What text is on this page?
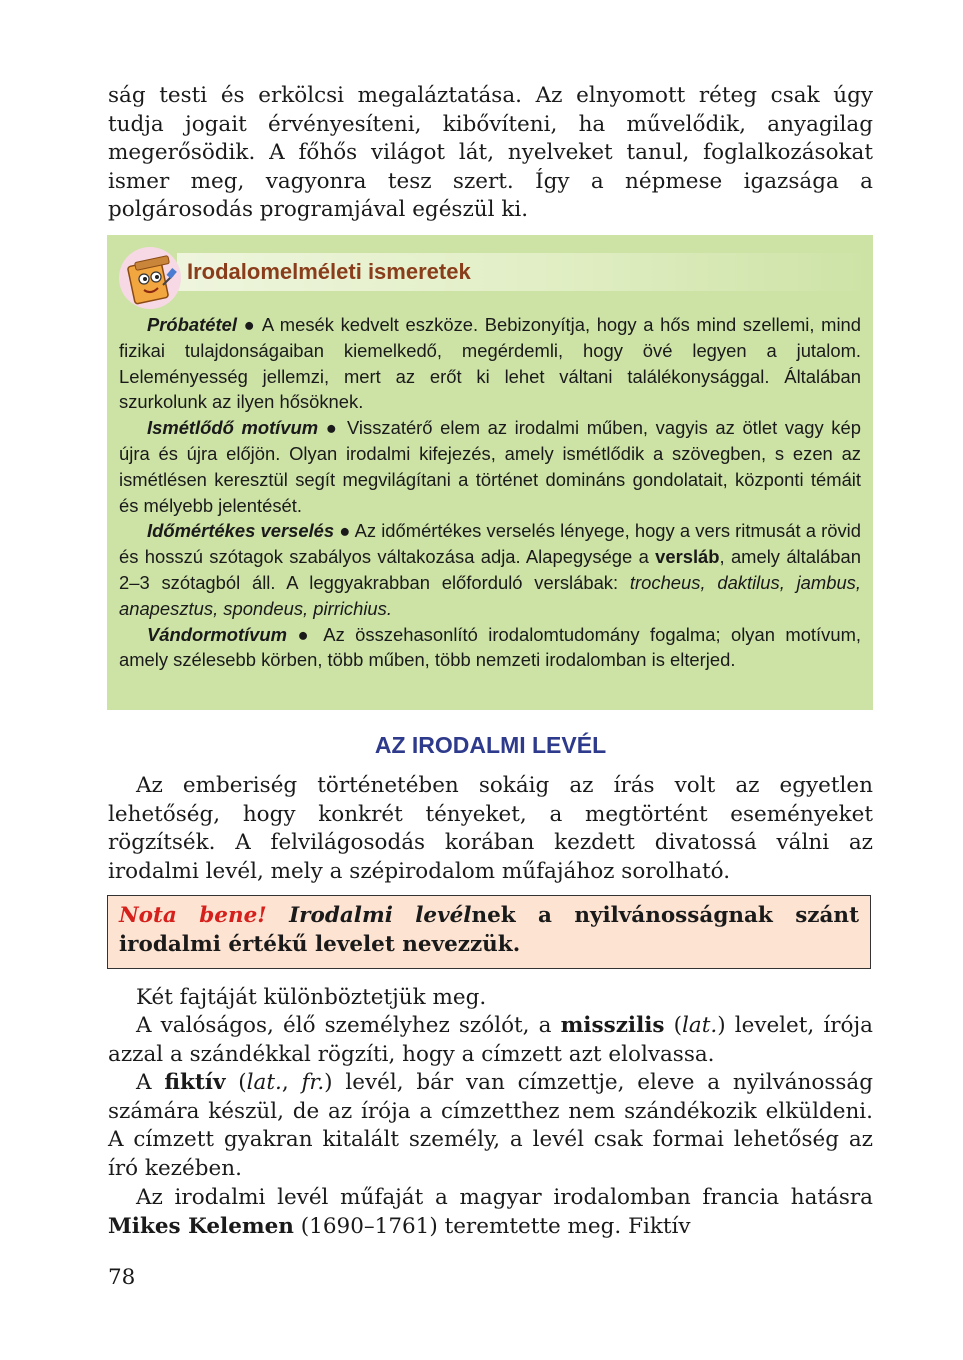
ság testi és erkölcsi megaláztatása. Az elnyomott réteg csak úgy tudja jogait érvényesíteni, kibővíteni, ha művelődik, anyagilag megerősödik. A főhős világot lát, nyelveket tanul, foglalkozásokat ismer meg, vagyonra tesz szert. Így a népmese igazsága a polgárosodás programjával egészül ki.

Irodalomelméleti ismeretek

Próbatétel ● A mesék kedvelt eszköze. Bebizonyítja, hogy a hős mind szellemi, mind fizikai tulajdonságaiban kiemelkedő, megérdemli, hogy övé legyen a jutalom. Leleményesség jellemzi, mert az erőt ki lehet váltani találékonysággal. Általában szurkolunk az ilyen hősöknek.

Ismétlődő motívum ● Visszatérő elem az irodalmi műben, vagyis az ötlet vagy kép újra és újra előjön. Olyan irodalmi kifejezés, amely ismétlődik a szövegben, s ezen az ismétlésen keresztül segít megvilágítani a történet domináns gondolatait, központi témáit és mélyebb jelentését.

Időmértékes verselés ● Az időmértékes verselés lényege, hogy a vers ritmusát a rövid és hosszú szótagok szabályos váltakozása adja. Alapegysége a versláb, amely általában 2–3 szótagból áll. A leggyakrabban előforduló verslábak: trocheus, daktilus, jambus, anapesztus, spondeus, pirrichius.

Vándormotívum ● Az összehasonlító irodalomtudomány fogalma; olyan motívum, amely szélesebb körben, több műben, több nemzeti irodalomban is elterjed.

AZ IRODALMI LEVÉL

Az emberiség történetében sokáig az írás volt az egyetlen lehetőség, hogy konkrét tényeket, a megtörtént eseményeket rögzítsék. A felvilágosodás korában kezdett divatossá válni az irodalmi levél, mely a szépirodalom műfajához sorolható.

Nota bene! Irodalmi levélnek a nyilvánosságnak szánt irodalmi értékű levelet nevezzük.

Két fajtáját különböztetjük meg.

A valóságos, élő személyhez szólót, a misszilis (lat.) levelet, írója azzal a szándékkal rögzíti, hogy a címzett azt elolvassa.

A fiktív (lat., fr.) levél, bár van címzettje, eleve a nyilvánosság számára készül, de az írója a címzetthez nem szándékozik elküldeni. A címzett gyakran kitalált személy, a levél csak formai lehetőség az író kezében.

Az irodalmi levél műfaját a magyar irodalomban francia hatásra Mikes Kelemen (1690–1761) teremtette meg. Fiktív

78
